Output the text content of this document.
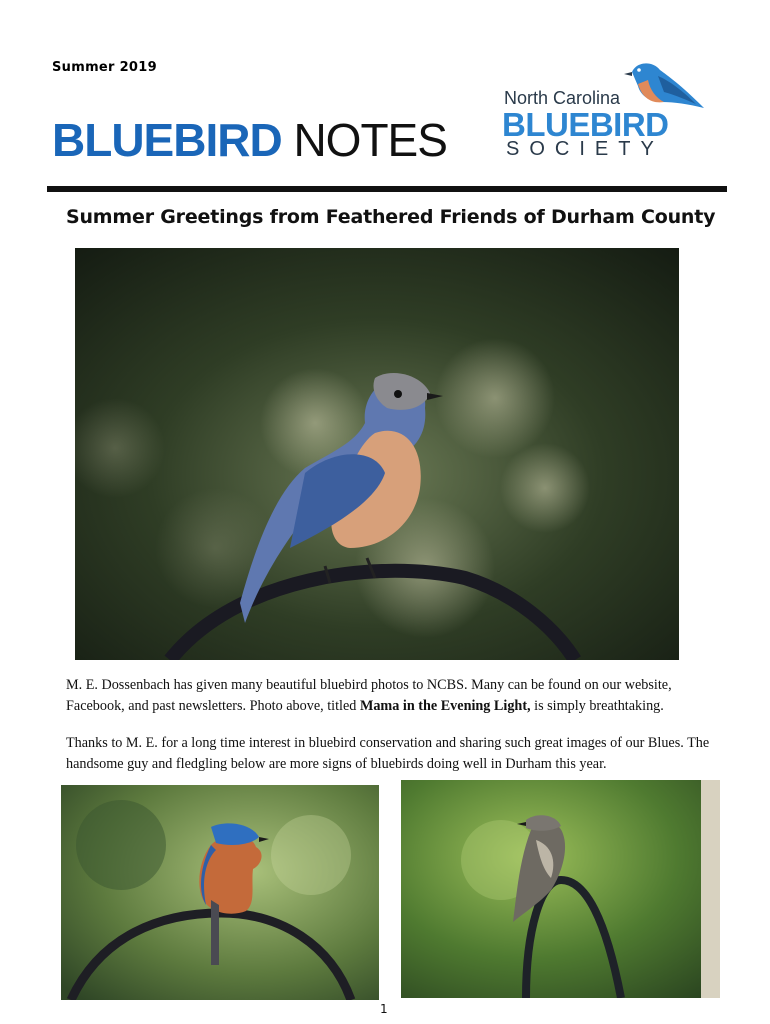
Summer 2019
BLUEBIRD NOTES
North Carolina
BLUEBIRD
SOCIETY
Summer Greetings from Feathered Friends of Durham County
M. E. Dossenbach has given many beautiful bluebird photos to NCBS. Many can be found on our website, Facebook, and past newsletters. Photo above, titled Mama in the Evening Light, is simply breathtaking.
Thanks to M. E. for a long time interest in bluebird conservation and sharing such great images of our Blues. The handsome guy and fledgling below are more signs of bluebirds doing well in Durham this year.
1
